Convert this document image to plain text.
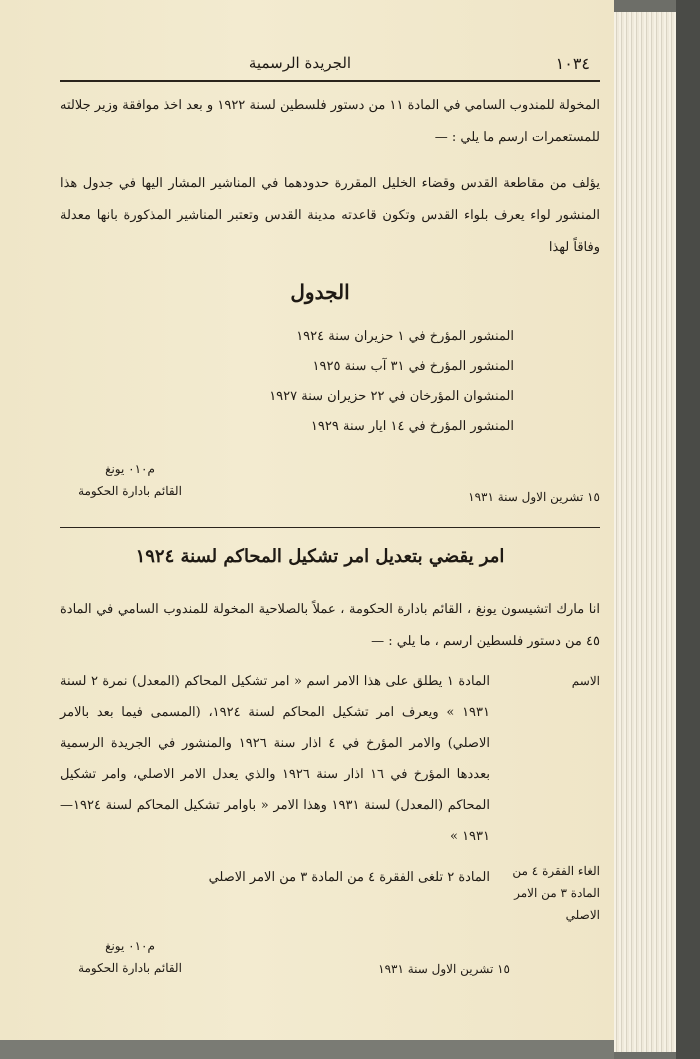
الجريدة الرسمية	١٠٣٤
المخولة للمندوب السامي في المادة ١١ من دستور فلسطين لسنة ١٩٢٢ و بعد اخذ موافقة وزير جلالته للمستعمرات ارسم ما يلي : —
يؤلف من مقاطعة القدس وقضاء الخليل المقررة حدودهما في المناشير المشار اليها في جدول هذا المنشور لواء يعرف بلواء القدس وتكون قاعدته مدينة القدس وتعتبر المناشير المذكورة بانها معدلة وفاقاً لهذا
الجدول
المنشور المؤرخ في ١ حزيران سنة ١٩٢٤
المنشور المؤرخ في ٣١ آب سنة ١٩٢٥
المنشوان المؤرخان في ٢٢ حزيران سنة ١٩٢٧
المنشور المؤرخ في ١٤ ايار سنة ١٩٢٩
م٠١٠ يونغ
القائم بادارة الحكومة	١٥ تشرين الاول سنة ١٩٣١
امر يقضي بتعديل امر تشكيل المحاكم لسنة ١٩٢٤
انا مارك اتشيسون يونغ ، القائم بادارة الحكومة ، عملاً بالصلاحية المخولة للمندوب السامي في المادة ٤٥ من دستور فلسطين ارسم ، ما يلي : —
الاسم
المادة ١ يطلق على هذا الامر اسم « امر تشكيل المحاكم (المعدل) نمرة ٢ لسنة ١٩٣١ » ويعرف امر تشكيل المحاكم لسنة ١٩٢٤، (المسمى فيما بعد بالامر الاصلي) والامر المؤرخ في ٤ اذار سنة ١٩٢٦ والمنشور في الجريدة الرسمية بعددها المؤرخ في ١٦ اذار سنة ١٩٢٦ والذي يعدل الامر الاصلي، وامر تشكيل المحاكم (المعدل) لسنة ١٩٣١ وهذا الامر « باوامر تشكيل المحاكم لسنة ١٩٢٤—١٩٣١ »
الغاء الفقرة ٤ من
المادة ٣ من الامر
الاصلي
المادة ٢ تلغى الفقرة ٤ من المادة ٣ من الامر الاصلي
م٠١٠ يونغ
القائم بادارة الحكومة	١٥ تشرين الاول سنة ١٩٣١
